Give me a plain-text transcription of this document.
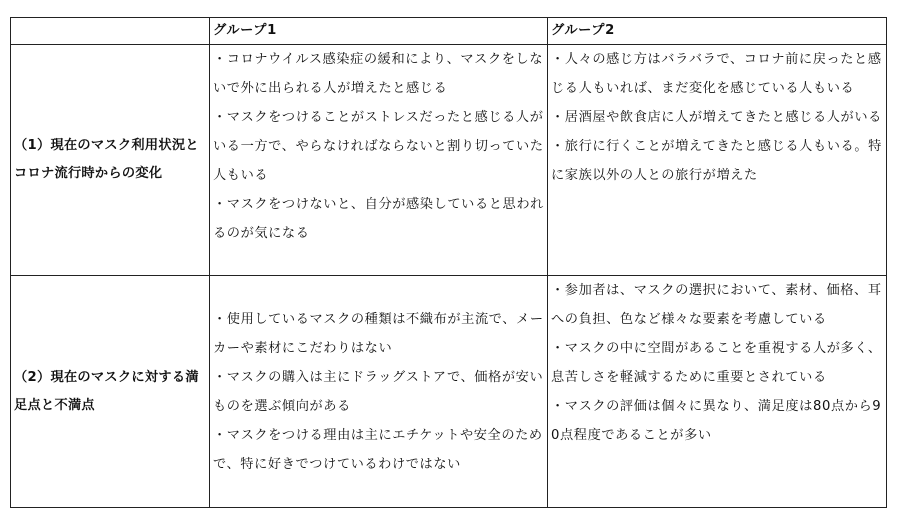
	グループ1	グループ2
（1）現在のマスク利用状況とコロナ流行時からの変化	・コロナウイルス感染症の緩和により、マスクをしないで外に出られる人が増えたと感じる
・マスクをつけることがストレスだったと感じる人がいる一方で、やらなければならないと割り切っていた人もいる
・マスクをつけないと、自分が感染していると思われるのが気になる	・人々の感じ方はバラバラで、コロナ前に戻ったと感じる人もいれば、まだ変化を感じている人もいる
・居酒屋や飲食店に人が増えてきたと感じる人がいる
・旅行に行くことが増えてきたと感じる人もいる。特に家族以外の人との旅行が増えた

（2）現在のマスクに対する満足点と不満点	・使用しているマスクの種類は不織布が主流で、メーカーや素材にこだわりはない
・マスクの購入は主にドラッグストアで、価格が安いものを選ぶ傾向がある
・マスクをつける理由は主にエチケットや安全のためで、特に好きでつけているわけではない	・参加者は、マスクの選択において、素材、価格、耳への負担、色など様々な要素を考慮している
・マスクの中に空間があることを重視する人が多く、息苦しさを軽減するために重要とされている
・マスクの評価は個々に異なり、満足度は80点から90点程度であることが多い
